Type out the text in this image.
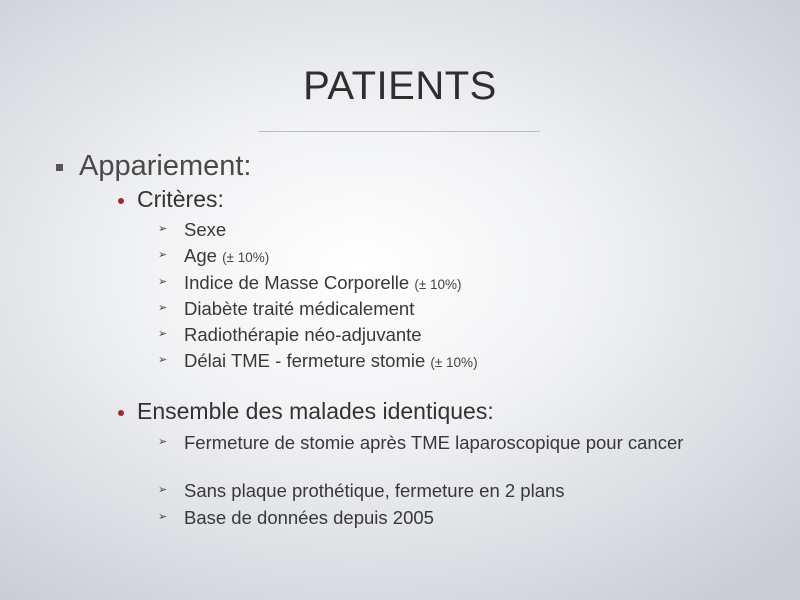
PATIENTS
Appariement:
Critères:
➢ Sexe
➢ Age (± 10%)
➢ Indice de Masse Corporelle (± 10%)
➢ Diabète traité médicalement
➢ Radiothérapie néo-adjuvante
➢ Délai TME - fermeture stomie (± 10%)
Ensemble des malades identiques:
➢ Fermeture de stomie après TME laparoscopique pour cancer
➢ Sans plaque prothétique, fermeture en 2 plans
➢ Base de données depuis 2005
